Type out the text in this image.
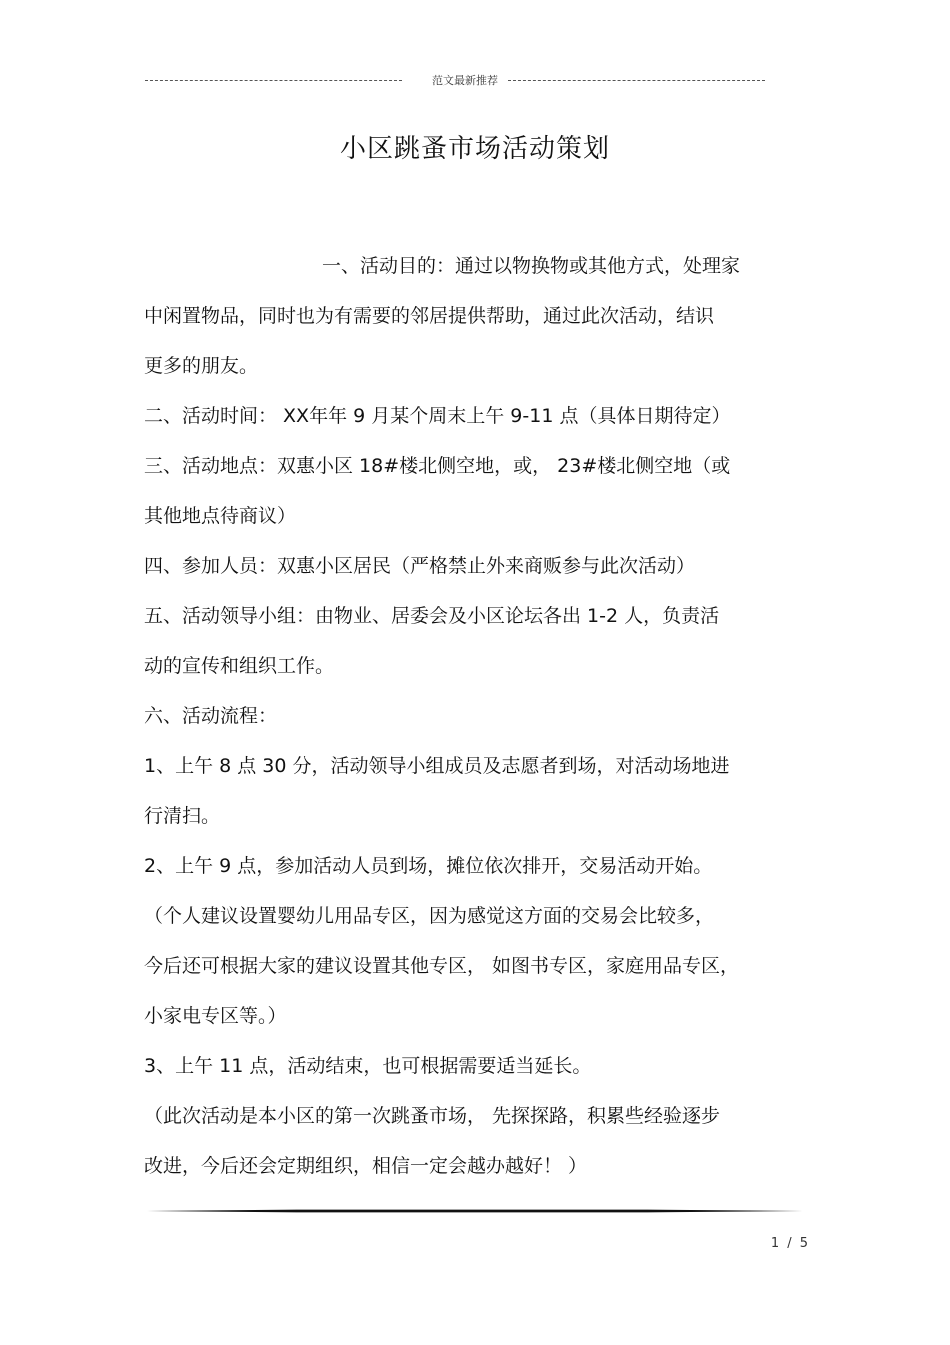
范文最新推荐
小区跳蚤市场活动策划
一、活动目的：通过以物换物或其他方式，处理家
中闲置物品，同时也为有需要的邻居提供帮助，通过此次活动，结识
更多的朋友。
二、活动时间： XX年年 9 月某个周末上午 9-11 点（具体日期待定）
三、活动地点：双惠小区 18#楼北侧空地，或， 23#楼北侧空地（或
其他地点待商议）
四、参加人员：双惠小区居民（严格禁止外来商贩参与此次活动）
五、活动领导小组：由物业、居委会及小区论坛各出 1-2 人，负责活
动的宣传和组织工作。
六、活动流程：
1、上午 8 点 30 分，活动领导小组成员及志愿者到场，对活动场地进
行清扫。
2、上午 9 点，参加活动人员到场，摊位依次排开，交易活动开始。
（个人建议设置婴幼儿用品专区，因为感觉这方面的交易会比较多，
今后还可根据大家的建议设置其他专区， 如图书专区，家庭用品专区，
小家电专区等。）
3、上午 11 点，活动结束，也可根据需要适当延长。
（此次活动是本小区的第一次跳蚤市场， 先探探路，积累些经验逐步
改进，今后还会定期组织，相信一定会越办越好！ ）
1 / 5
